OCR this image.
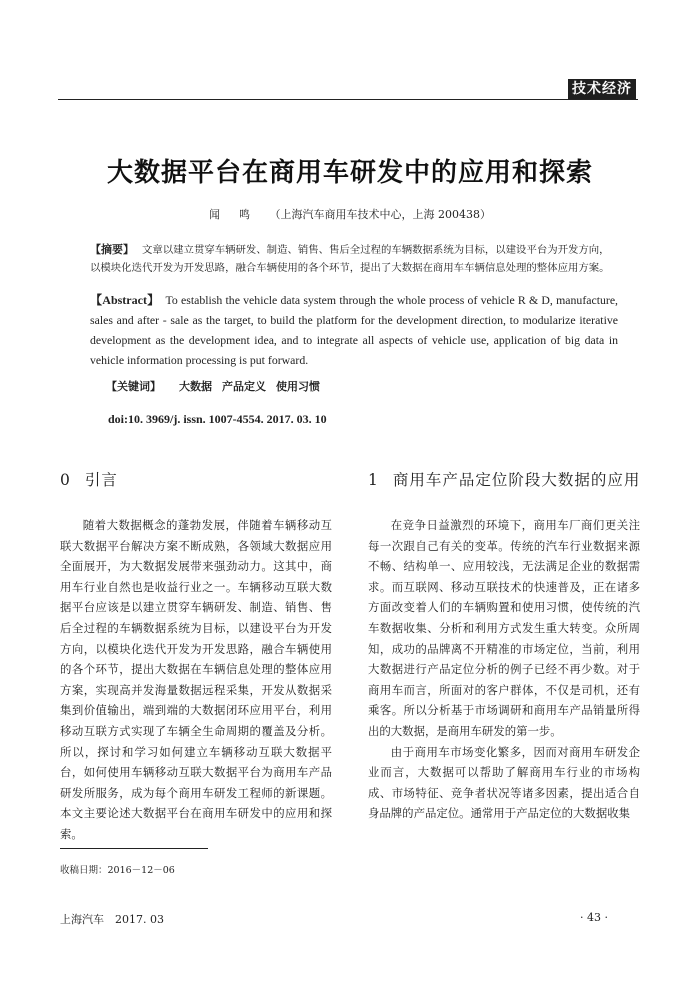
技术经济
大数据平台在商用车研发中的应用和探索
闻　鸣 （上海汽车商用车技术中心，上海 200438）
【摘要】 文章以建立贯穿车辆研发、制造、销售、售后全过程的车辆数据系统为目标，以建设平台为开发方向，以模块化迭代开发为开发思路，融合车辆使用的各个环节，提出了大数据在商用车车辆信息处理的整体应用方案。
【Abstract】 To establish the vehicle data system through the whole process of vehicle R & D, manufacture, sales and after - sale as the target, to build the platform for the development direction, to modularize iterative development as the development idea, and to integrate all aspects of vehicle use, application of big data in vehicle information processing is put forward.
【关键词】 大数据 产品定义 使用习惯
doi:10. 3969/j. issn. 1007-4554. 2017. 03. 10
0 引言	1 商用车产品定位阶段大数据的应用

随着大数据概念的蓬勃发展，伴随着车辆移动互联大数据平台解决方案不断成熟，各领域大数据应用全面展开，为大数据发展带来强劲动力。这其中，商用车行业自然也是收益行业之一。车辆移动互联大数据平台应该是以建立贯穿车辆研发、制造、销售、售后全过程的车辆数据系统为目标，以建设平台为开发方向，以模块化迭代开发为开发思路，融合车辆使用的各个环节，提出大数据在车辆信息处理的整体应用方案，实现高并发海量数据远程采集，开发从数据采集到价值输出，端到端的大数据闭环应用平台，利用移动互联方式实现了车辆全生命周期的覆盖及分析。所以，探讨和学习如何建立车辆移动互联大数据平台，如何使用车辆移动互联大数据平台为商用车产品研发所服务，成为每个商用车研发工程师的新课题。本文主要论述大数据平台在商用车研发中的应用和探索。

在竞争日益激烈的环境下，商用车厂商们更关注每一次跟自己有关的变革。传统的汽车行业数据来源不畅、结构单一、应用较浅，无法满足企业的数据需求。而互联网、移动互联技术的快速普及，正在诸多方面改变着人们的车辆购置和使用习惯，使传统的汽车数据收集、分析和利用方式发生重大转变。众所周知，成功的品牌离不开精准的市场定位，当前，利用大数据进行产品定位分析的例子已经不再少数。对于商用车而言，所面对的客户群体，不仅是司机，还有乘客。所以分析基于市场调研和商用车产品销量所得出的大数据，是商用车研发的第一步。

由于商用车市场变化繁多，因而对商用车研发企业而言，大数据可以帮助了解商用车行业的市场构成、市场特征、竞争者状况等诸多因素，提出适合自身品牌的产品定位。通常用于产品定位的大数据收集

收稿日期：2016－12－06
上海汽车　2017. 03	· 43 ·
